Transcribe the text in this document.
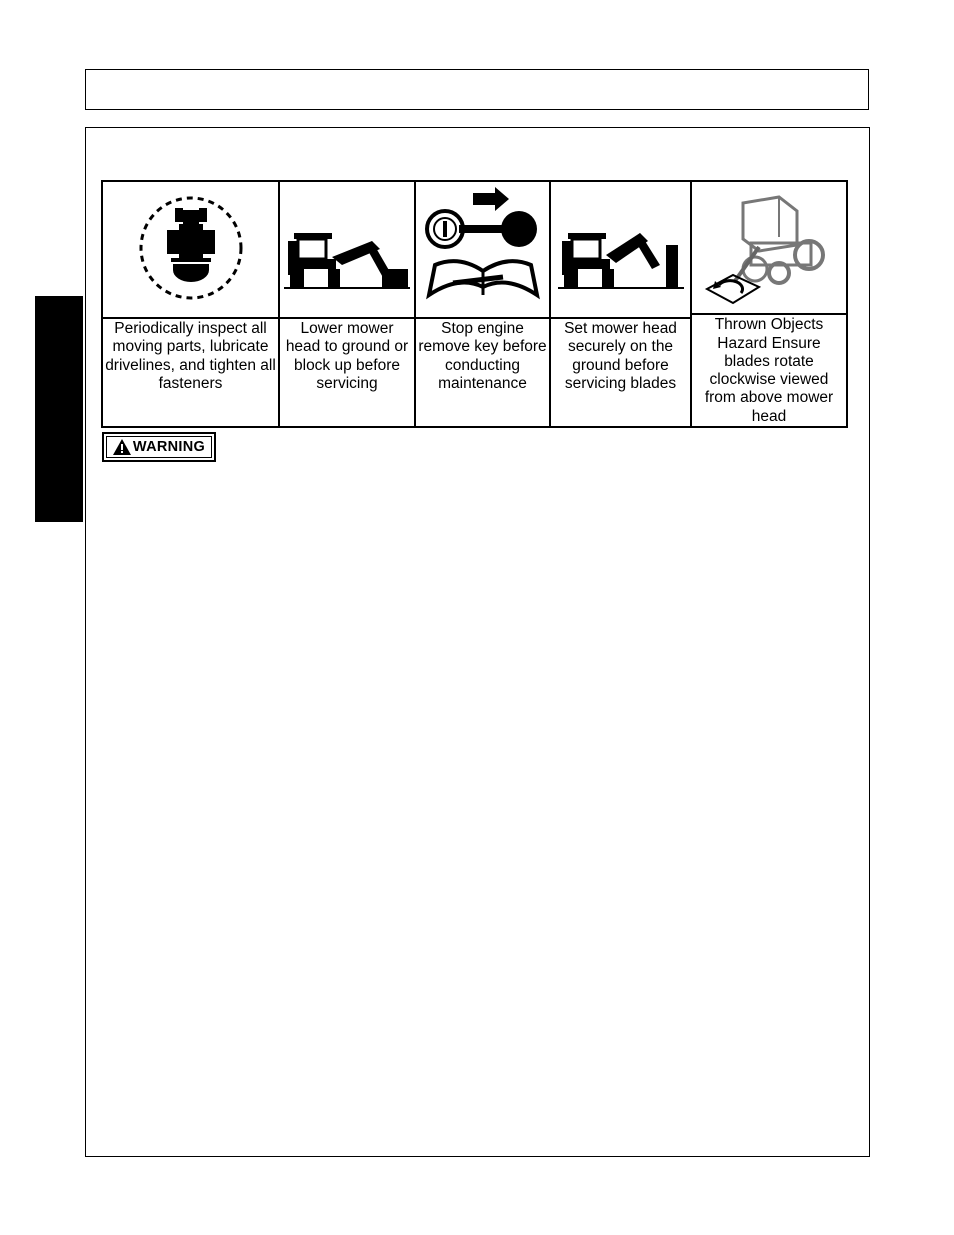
Periodically inspect all moving parts, lubricate drivelines, and tighten all fasteners
Lower mower head to ground or block up before servicing
Stop engine remove key before conducting maintenance
Set mower head securely on the ground before servicing blades
Thrown Objects Hazard Ensure blades rotate clockwise viewed from above mower head
WARNING
